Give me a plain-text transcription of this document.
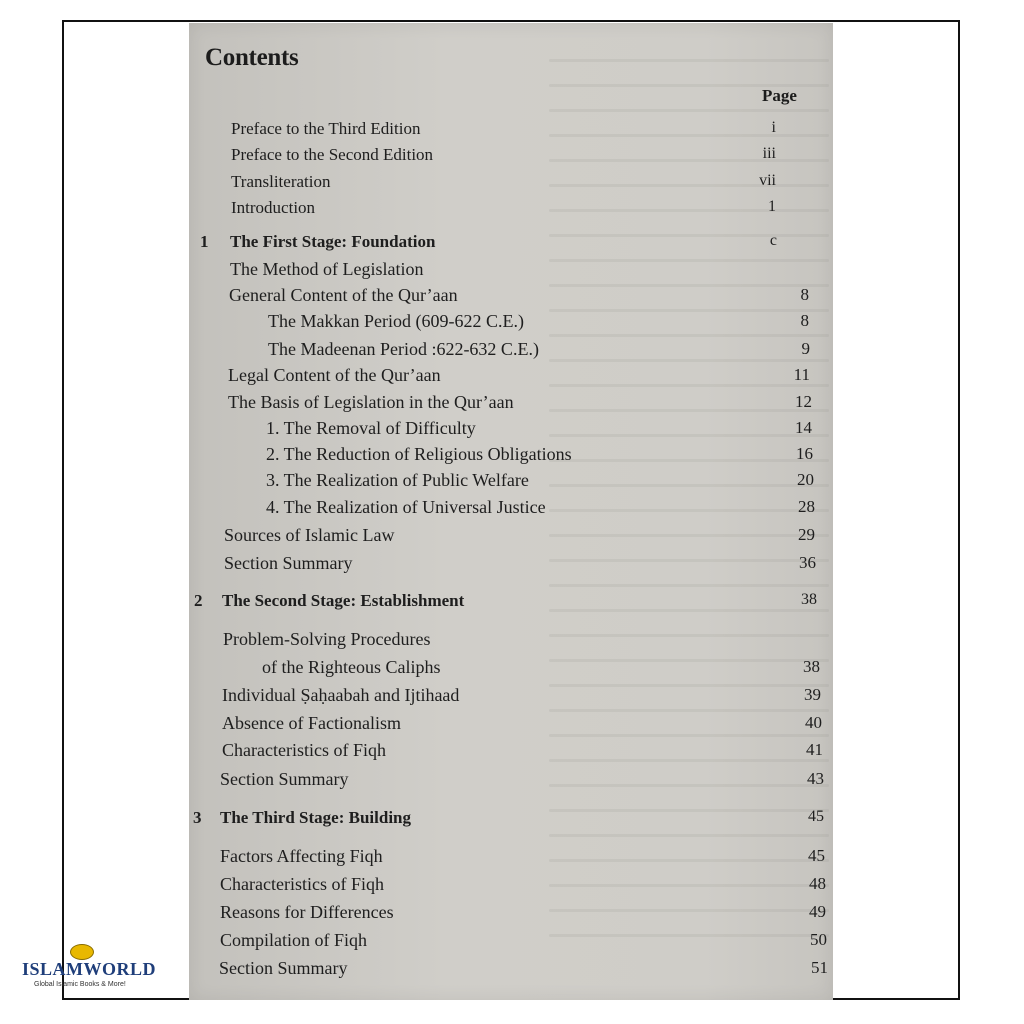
Contents
Page
Preface to the Third Edition	i
Preface to the Second Edition	iii
Transliteration	vii
Introduction	1
1 The First Stage: Foundation	c
The Method of Legislation
General Content of the Qur’aan	8
The Makkan Period (609-622 C.E.)	8
The Madeenan Period :622-632 C.E.)	9
Legal Content of the Qur’aan	11
The Basis of Legislation in the Qur’aan	12
1. The Removal of Difficulty	14
2. The Reduction of Religious Obligations	16
3. The Realization of Public Welfare	20
4. The Realization of Universal Justice	28
Sources of Islamic Law	29
Section Summary	36
2 The Second Stage: Establishment	38
Problem-Solving Procedures
of the Righteous Caliphs	38
Individual Ṣaḥaabah and Ijtihaad	39
Absence of Factionalism	40
Characteristics of Fiqh	41
Section Summary	43
3 The Third Stage: Building	45
Factors Affecting Fiqh	45
Characteristics of Fiqh	48
Reasons for Differences	49
Compilation of Fiqh	50
Section Summary	51
ISLAMWORLD
Global Islamic Books & More!
